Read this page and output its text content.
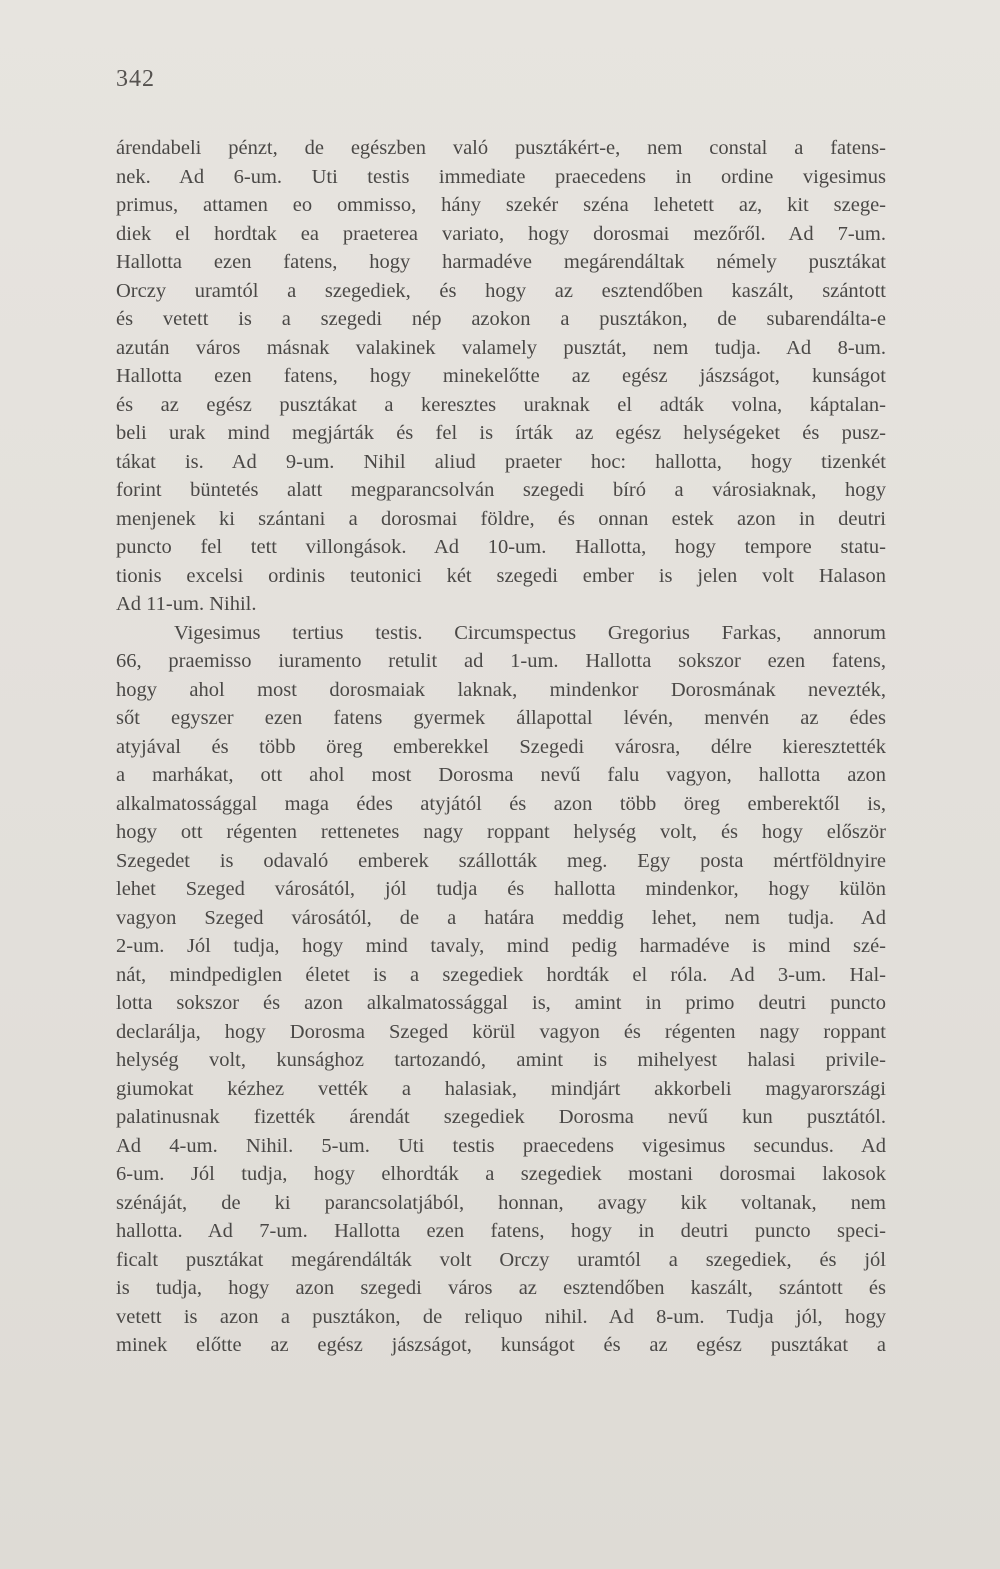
342
árendabeli pénzt, de egészben való pusztákért-e, nem constal a fatens-
nek. Ad 6-um. Uti testis immediate praecedens in ordine vigesimus
primus, attamen eo ommisso, hány szekér széna lehetett az, kit szege-
diek el hordtak ea praeterea variato, hogy dorosmai mezőről. Ad 7-um.
Hallotta ezen fatens, hogy harmadéve megárendáltak némely pusztákat
Orczy uramtól a szegediek, és hogy az esztendőben kaszált, szántott
és vetett is a szegedi nép azokon a pusztákon, de subarendálta-e
azután város másnak valakinek valamely pusztát, nem tudja. Ad 8-um.
Hallotta ezen fatens, hogy minekelőtte az egész jászságot, kunságot
és az egész pusztákat a keresztes uraknak el adták volna, káptalan-
beli urak mind megjárták és fel is írták az egész helységeket és pusz-
tákat is. Ad 9-um. Nihil aliud praeter hoc: hallotta, hogy tizenkét
forint büntetés alatt megparancsolván szegedi bíró a városiaknak, hogy
menjenek ki szántani a dorosmai földre, és onnan estek azon in deutri
puncto fel tett villongások. Ad 10-um. Hallotta, hogy tempore statu-
tionis excelsi ordinis teutonici két szegedi ember is jelen volt Halason
Ad 11-um. Nihil.
Vigesimus tertius testis. Circumspectus Gregorius Farkas, annorum
66, praemisso iuramento retulit ad 1-um. Hallotta sokszor ezen fatens,
hogy ahol most dorosmaiak laknak, mindenkor Dorosmának nevezték,
sőt egyszer ezen fatens gyermek állapottal lévén, menvén az édes
atyjával és több öreg emberekkel Szegedi városra, délre kieresztették
a marhákat, ott ahol most Dorosma nevű falu vagyon, hallotta azon
alkalmatossággal maga édes atyjától és azon több öreg emberektől is,
hogy ott régenten rettenetes nagy roppant helység volt, és hogy először
Szegedet is odavaló emberek szállották meg. Egy posta mértföldnyire
lehet Szeged városától, jól tudja és hallotta mindenkor, hogy külön
vagyon Szeged városától, de a határa meddig lehet, nem tudja. Ad
2-um. Jól tudja, hogy mind tavaly, mind pedig harmadéve is mind szé-
nát, mindpediglen életet is a szegediek hordták el róla. Ad 3-um. Hal-
lotta sokszor és azon alkalmatossággal is, amint in primo deutri puncto
declarálja, hogy Dorosma Szeged körül vagyon és régenten nagy roppant
helység volt, kunsághoz tartozandó, amint is mihelyest halasi privile-
giumokat kézhez vették a halasiak, mindjárt akkorbeli magyarországi
palatinusnak fizették árendát szegediek Dorosma nevű kun pusztától.
Ad 4-um. Nihil. 5-um. Uti testis praecedens vigesimus secundus. Ad
6-um. Jól tudja, hogy elhordták a szegediek mostani dorosmai lakosok
szénáját, de ki parancsolatjából, honnan, avagy kik voltanak, nem
hallotta. Ad 7-um. Hallotta ezen fatens, hogy in deutri puncto speci-
ficalt pusztákat megárendálták volt Orczy uramtól a szegediek, és jól
is tudja, hogy azon szegedi város az esztendőben kaszált, szántott és
vetett is azon a pusztákon, de reliquo nihil. Ad 8-um. Tudja jól, hogy
minek előtte az egész jászságot, kunságot és az egész pusztákat a
